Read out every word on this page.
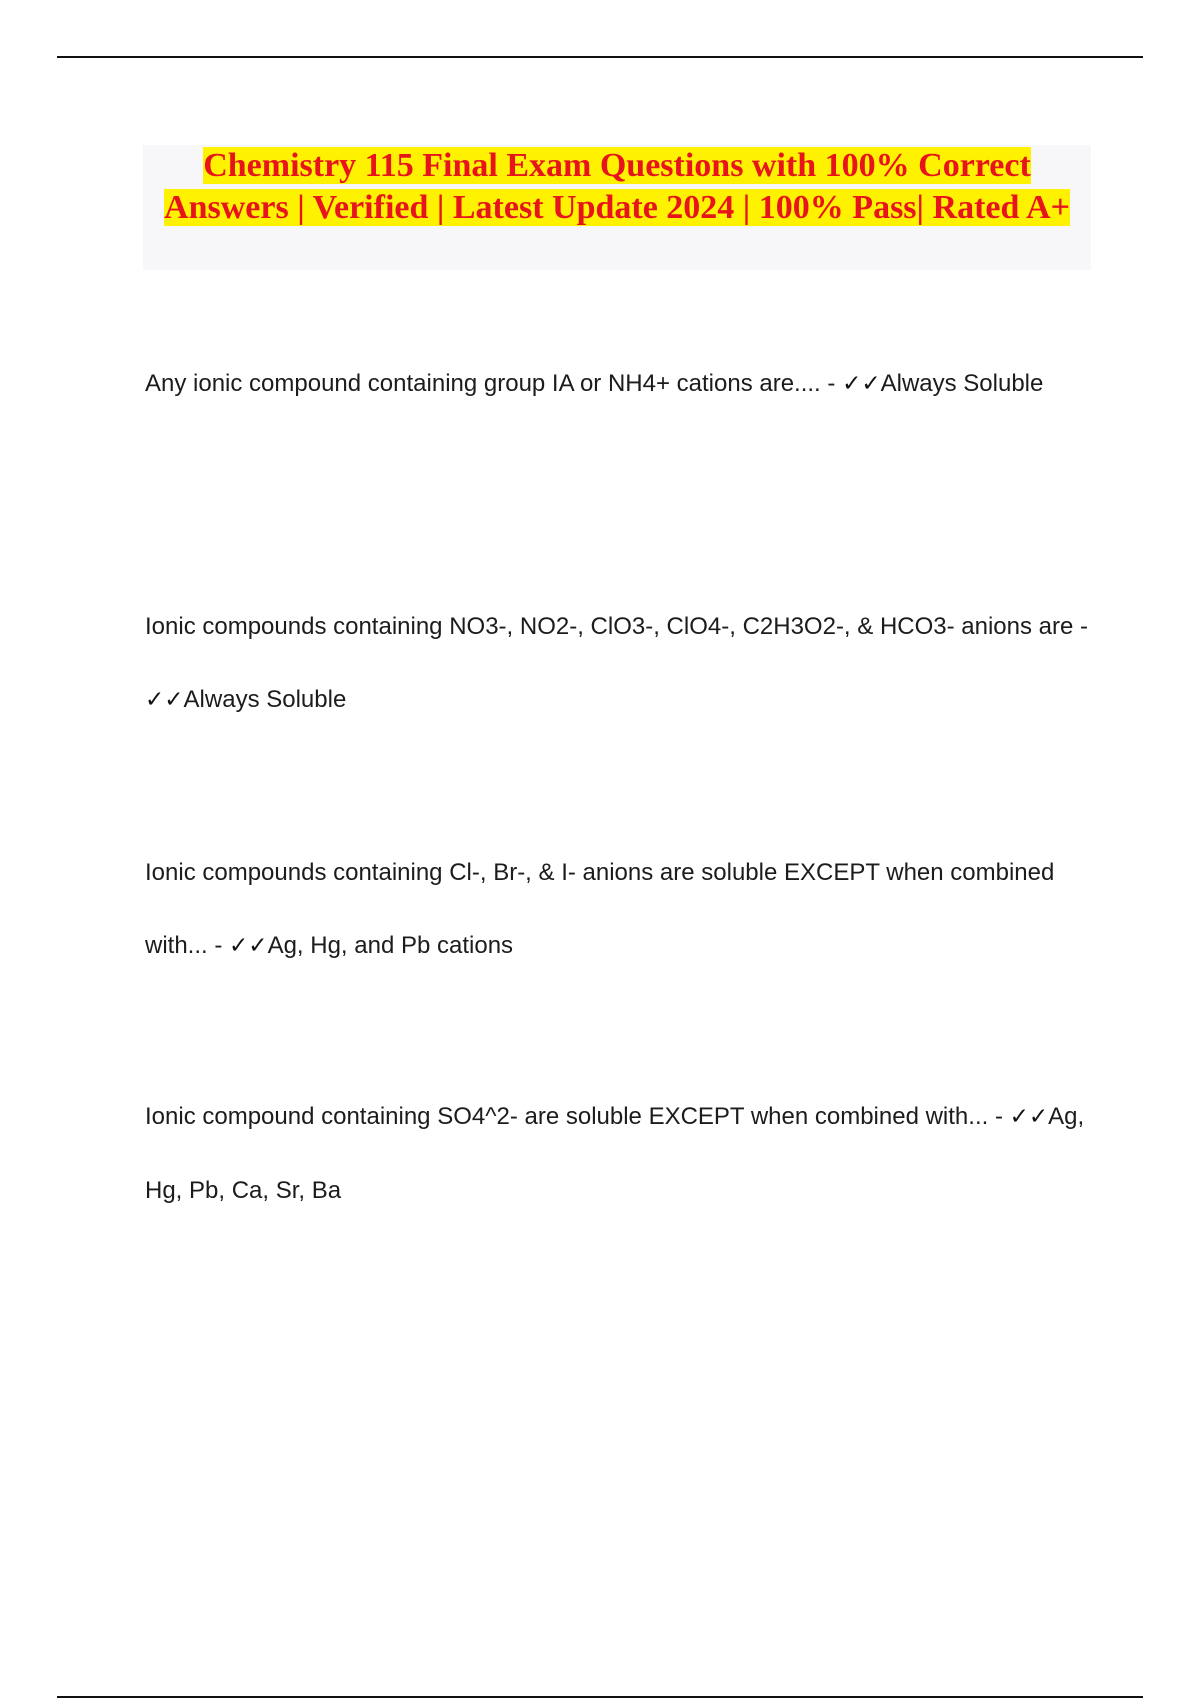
Chemistry 115 Final Exam Questions with 100% Correct Answers | Verified | Latest Update 2024 | 100% Pass| Rated A+

Any ionic compound containing group IA or NH4+ cations are.... - ✓✓Always Soluble

Ionic compounds containing NO3-, NO2-, ClO3-, ClO4-, C2H3O2-, & HCO3- anions are - ✓✓Always Soluble

Ionic compounds containing Cl-, Br-, & I- anions are soluble EXCEPT when combined with... - ✓✓Ag, Hg, and Pb cations

Ionic compound containing SO4^2- are soluble EXCEPT when combined with... - ✓✓Ag, Hg, Pb, Ca, Sr, Ba
